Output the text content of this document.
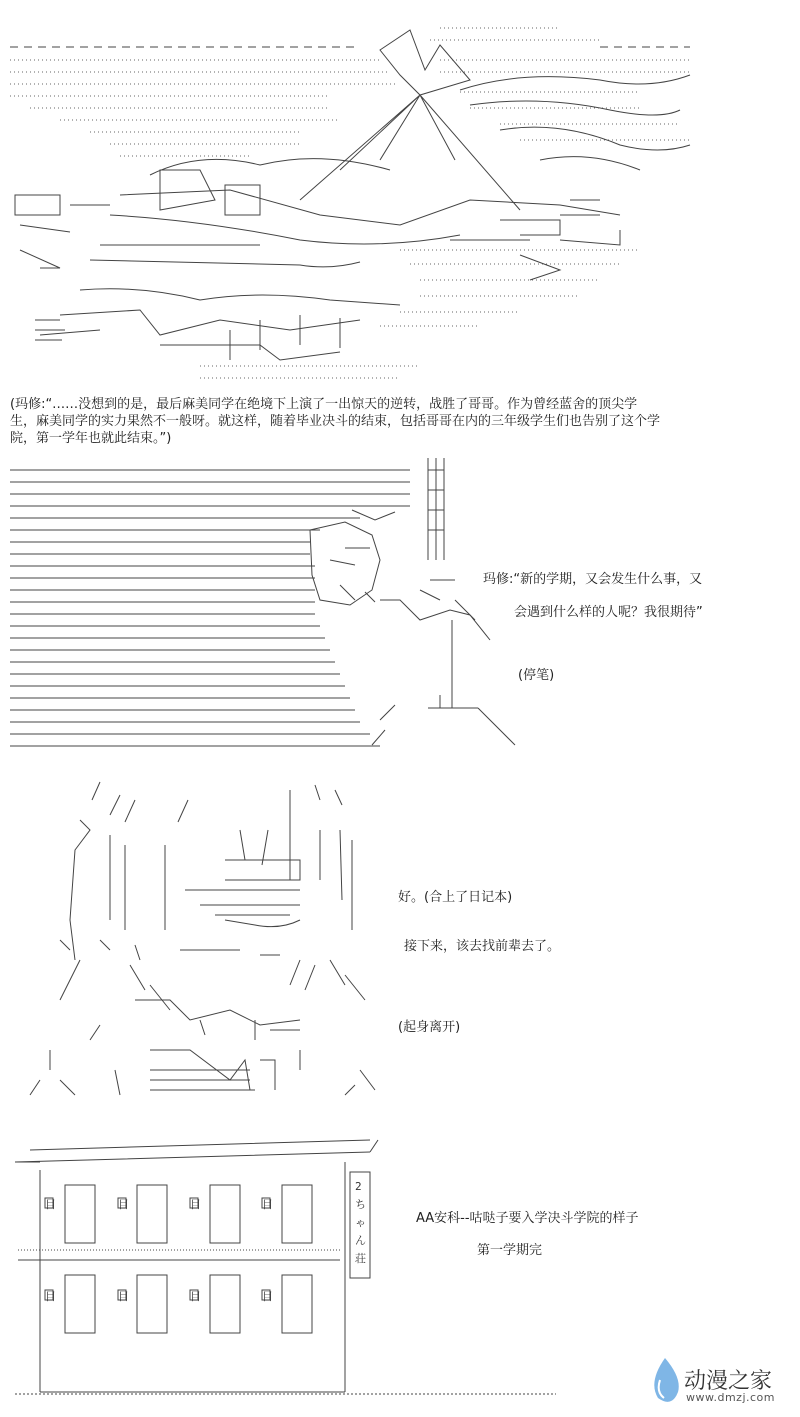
2
ち
ゃ
ん
荘
目	目	目	目
目	目	目	目
(玛修:“……没想到的是，最后麻美同学在绝境下上演了一出惊天的逆转，战胜了哥哥。作为曾经蓝舍的顶尖学生，麻美同学的实力果然不一般呀。就这样，随着毕业决斗的结束，包括哥哥在内的三年级学生们也告别了这个学院，第一学年也就此结束。”)
玛修:“新的学期，又会发生什么事，又
会遇到什么样的人呢？我很期待”
(停笔)
好。(合上了日记本)
接下来，该去找前辈去了。
(起身离开)
AA安科--咕哒子要入学决斗学院的样子
第一学期完
动漫之家
www.dmzj.com
